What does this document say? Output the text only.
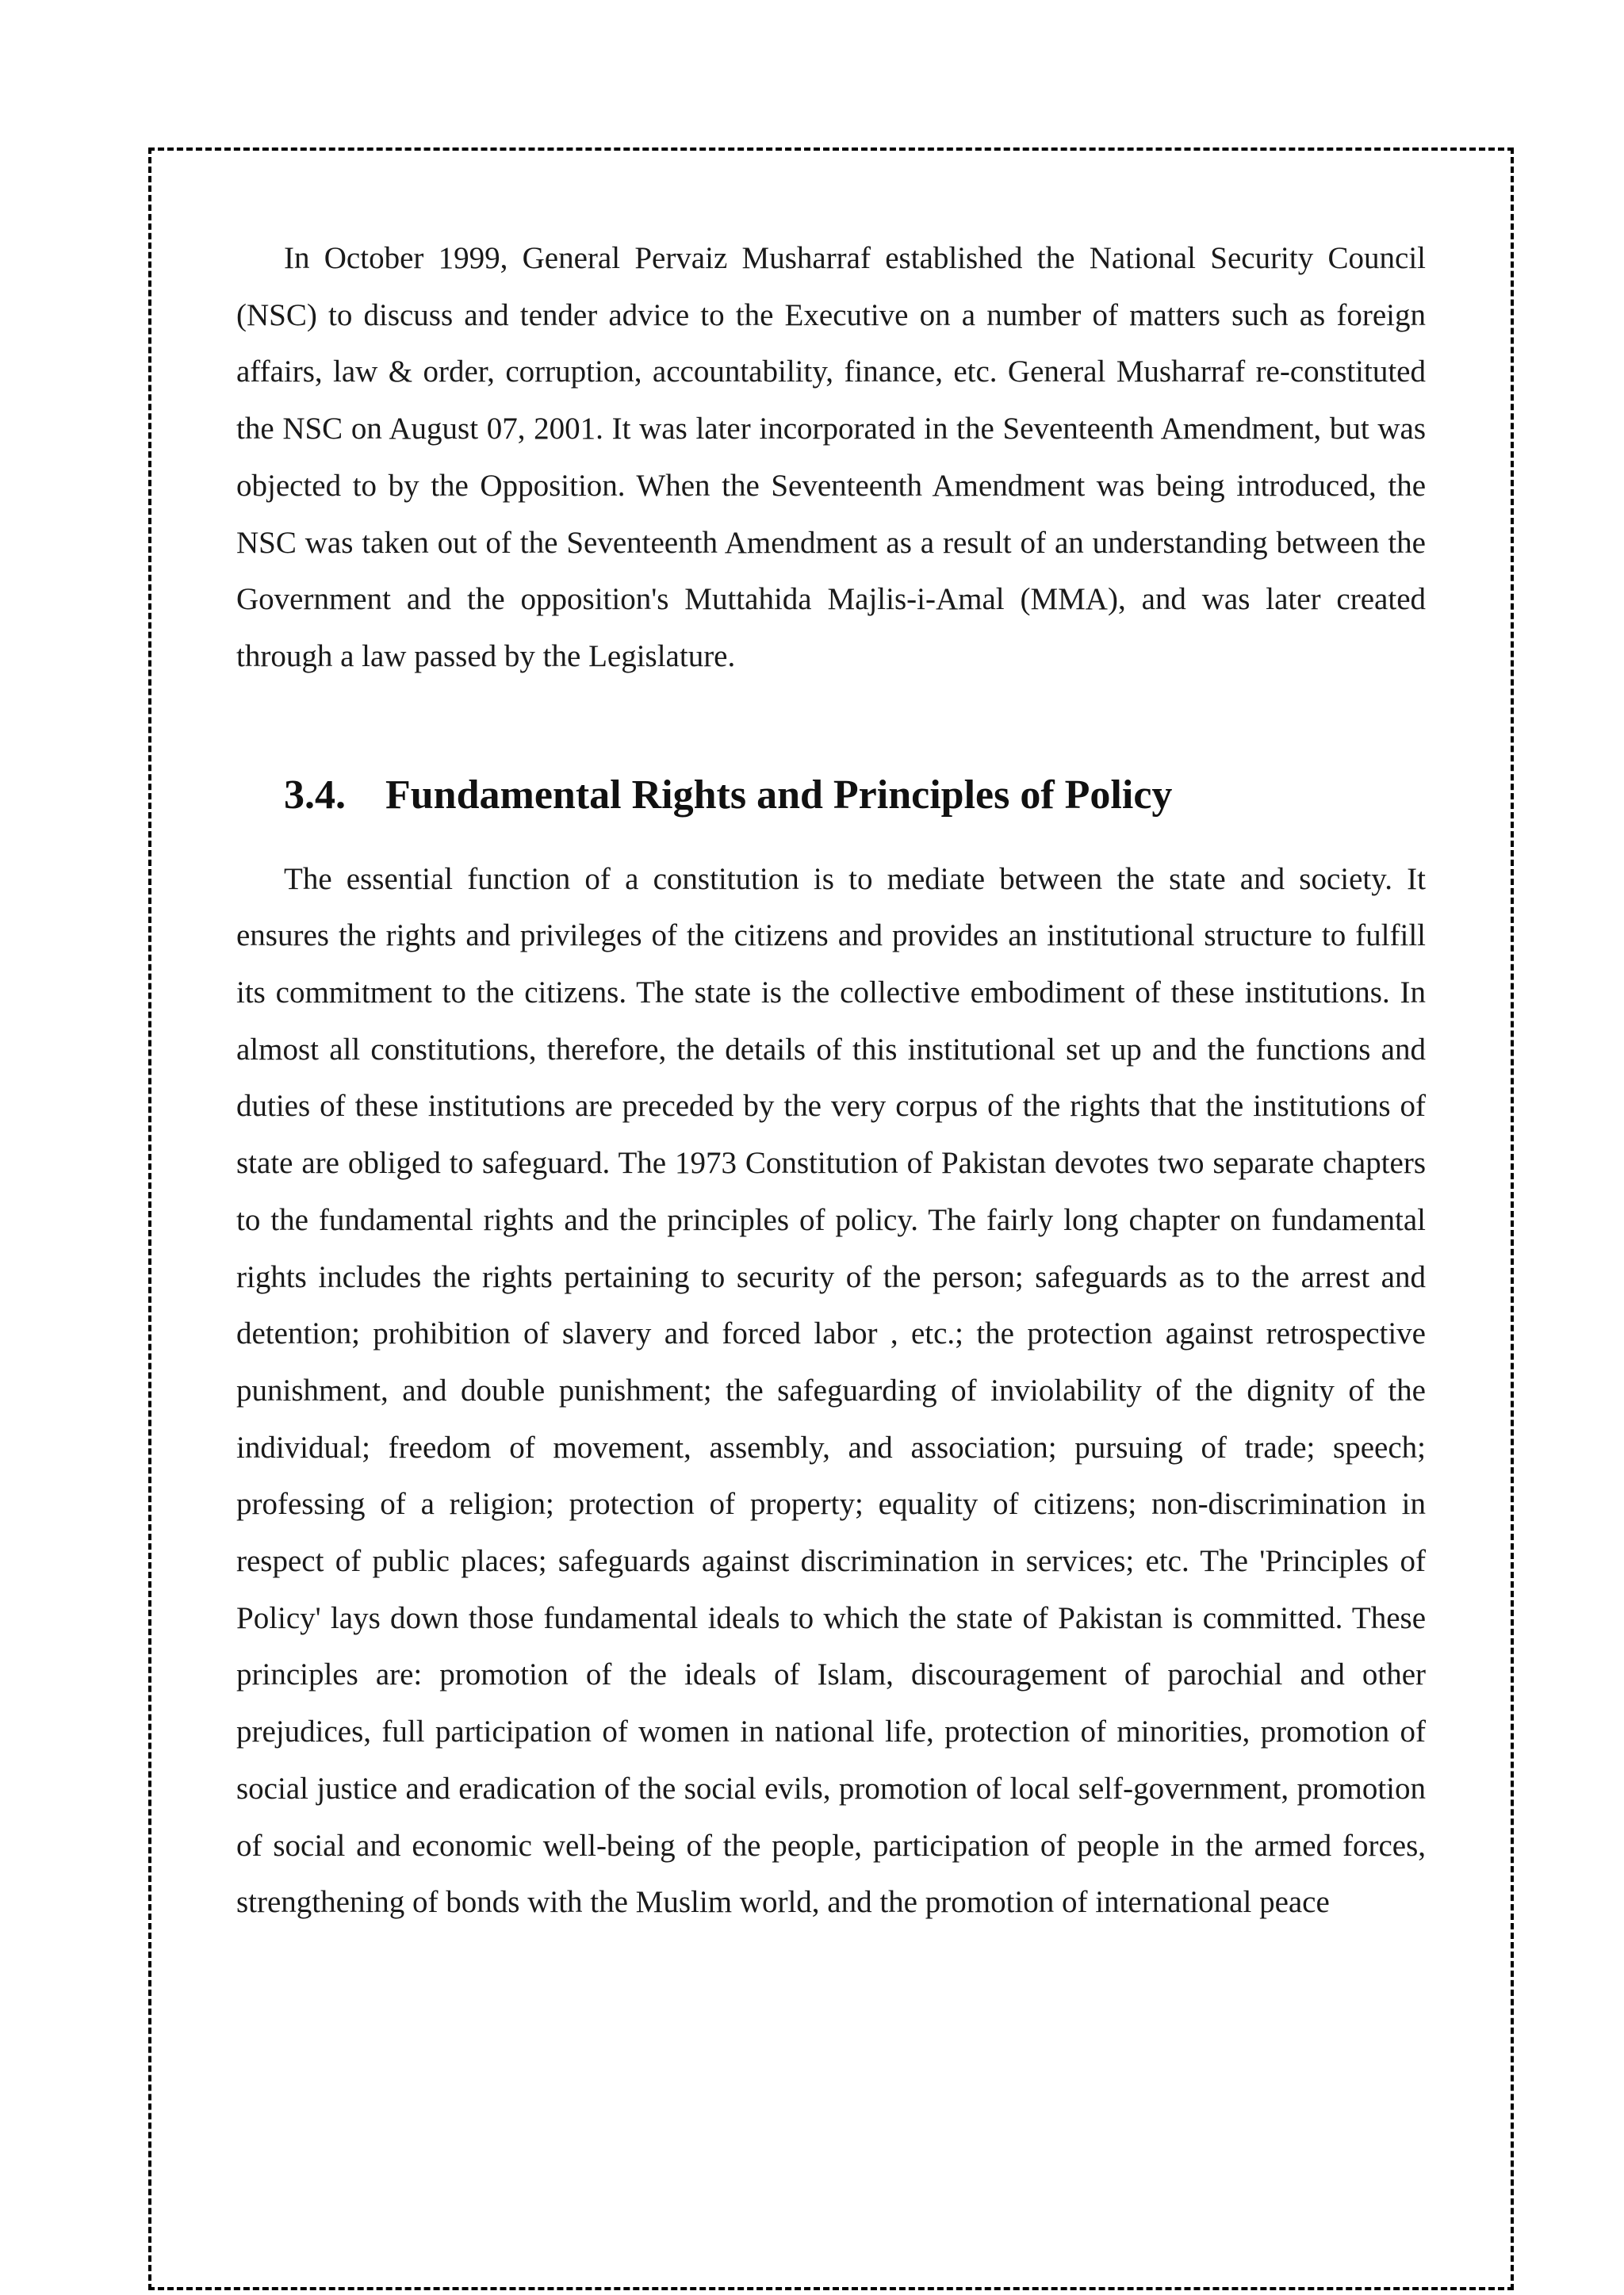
In October 1999, General Pervaiz Musharraf established the National Security Council (NSC) to discuss and tender advice to the Executive on a number of matters such as foreign affairs, law & order, corruption, accountability, finance, etc. General Musharraf re-constituted the NSC on August 07, 2001. It was later incorporated in the Seventeenth Amendment, but was objected to by the Opposition. When the Seventeenth Amendment was being introduced, the NSC was taken out of the Seventeenth Amendment as a result of an understanding between the Government and the opposition's Muttahida Majlis-i-Amal (MMA), and was later created through a law passed by the Legislature.

3.4. Fundamental Rights and Principles of Policy

The essential function of a constitution is to mediate between the state and society. It ensures the rights and privileges of the citizens and provides an institutional structure to fulfill its commitment to the citizens. The state is the collective embodiment of these institutions. In almost all constitutions, therefore, the details of this institutional set up and the functions and duties of these institutions are preceded by the very corpus of the rights that the institutions of state are obliged to safeguard. The 1973 Constitution of Pakistan devotes two separate chapters to the fundamental rights and the principles of policy. The fairly long chapter on fundamental rights includes the rights pertaining to security of the person; safeguards as to the arrest and detention; prohibition of slavery and forced labor , etc.; the protection against retrospective punishment, and double punishment; the safeguarding of inviolability of the dignity of the individual; freedom of movement, assembly, and association; pursuing of trade; speech; professing of a religion; protection of property; equality of citizens; non-discrimination in respect of public places; safeguards against discrimination in services; etc. The 'Principles of Policy' lays down those fundamental ideals to which the state of Pakistan is committed. These principles are: promotion of the ideals of Islam, discouragement of parochial and other prejudices, full participation of women in national life, protection of minorities, promotion of social justice and eradication of the social evils, promotion of local self-government, promotion of social and economic well-being of the people, participation of people in the armed forces, strengthening of bonds with the Muslim world, and the promotion of international peace
